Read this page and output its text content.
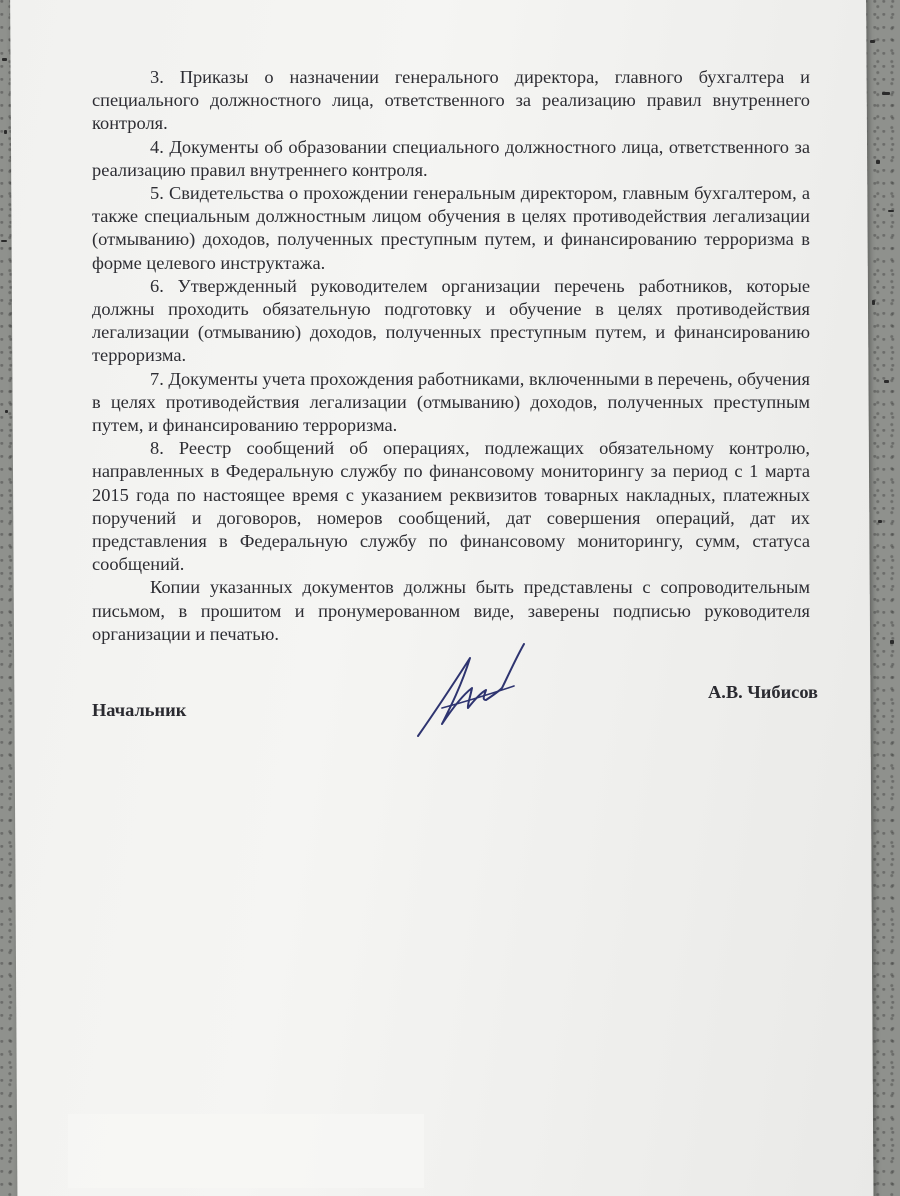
3. Приказы о назначении генерального директора, главного бухгалтера и специального должностного лица, ответственного за реализацию правил внутреннего контроля.

4. Документы об образовании специального должностного лица, ответственного за реализацию правил внутреннего контроля.

5. Свидетельства о прохождении генеральным директором, главным бухгалтером, а также специальным должностным лицом обучения в целях противодействия легализации (отмыванию) доходов, полученных преступным путем, и финансированию терроризма в форме целевого инструктажа.

6. Утвержденный руководителем организации перечень работников, которые должны проходить обязательную подготовку и обучение в целях противодействия легализации (отмыванию) доходов, полученных преступным путем, и финансированию терроризма.

7. Документы учета прохождения работниками, включенными в перечень, обучения в целях противодействия легализации (отмыванию) доходов, полученных преступным путем, и финансированию терроризма.

8. Реестр сообщений об операциях, подлежащих обязательному контролю, направленных в Федеральную службу по финансовому мониторингу за период с 1 марта 2015 года по настоящее время с указанием реквизитов товарных накладных, платежных поручений и договоров, номеров сообщений, дат совершения операций, дат их представления в Федеральную службу по финансовому мониторингу, сумм, статуса сообщений.

Копии указанных документов должны быть представлены с сопроводительным письмом, в прошитом и пронумерованном виде, заверены подписью руководителя организации и печатью.

Начальник
А.В. Чибисов
